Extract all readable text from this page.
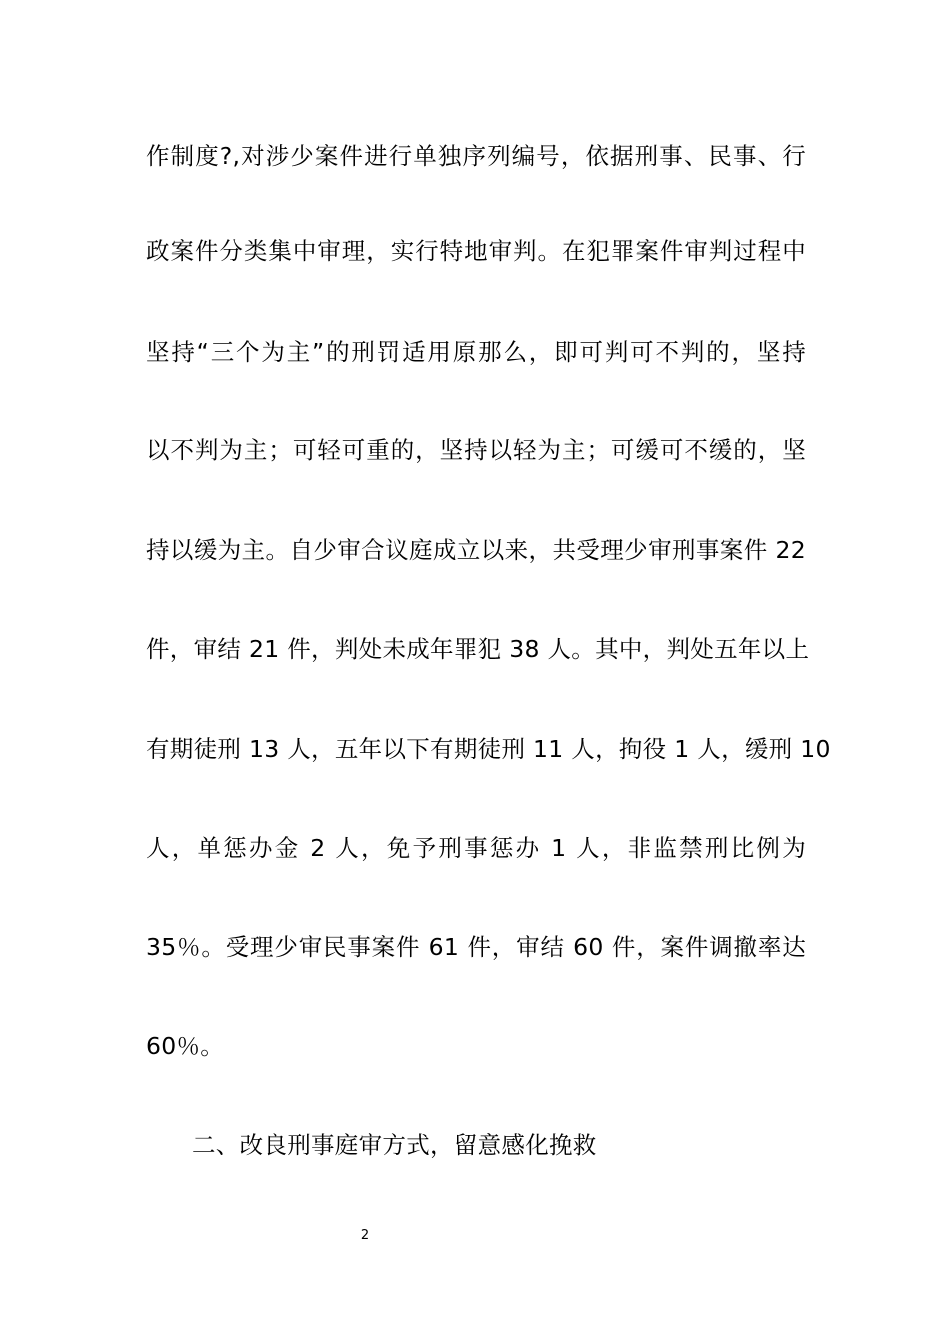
作制度?,对涉少案件进行单独序列编号，依据刑事、民事、行
政案件分类集中审理，实行特地审判。在犯罪案件审判过程中
坚持“三个为主”的刑罚适用原那么，即可判可不判的，坚持
以不判为主；可轻可重的，坚持以轻为主；可缓可不缓的，坚
持以缓为主。自少审合议庭成立以来，共受理少审刑事案件 22
件，审结 21 件，判处未成年罪犯 38 人。其中，判处五年以上
有期徒刑 13 人，五年以下有期徒刑 11 人，拘役 1 人，缓刑 10
人，单惩办金 2 人，免予刑事惩办 1 人，非监禁刑比例为
35％。受理少审民事案件 61 件，审结 60 件，案件调撤率达
60％。
二、改良刑事庭审方式，留意感化挽救
2
